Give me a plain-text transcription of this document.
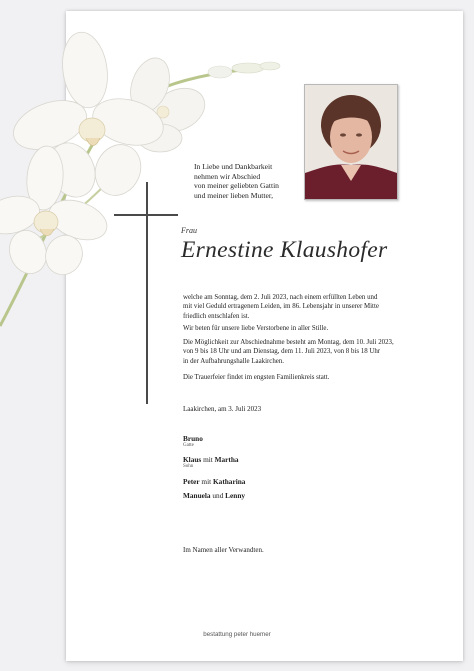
In Liebe und Dankbarkeit
nehmen wir Abschied
von meiner geliebten Gattin
und meiner lieben Mutter,
Frau
Ernestine Klaushofer
welche am Sonntag, dem 2. Juli 2023, nach einem erfüllten Leben und
mit viel Geduld ertragenem Leiden, im 86. Lebensjahr in unserer Mitte
friedlich entschlafen ist.
Wir beten für unsere liebe Verstorbene in aller Stille.
Die Möglichkeit zur Abschiednahme besteht am Montag, dem 10. Juli 2023,
von 9 bis 18 Uhr und am Dienstag, dem 11. Juli 2023, von 8 bis 18 Uhr
in der Aufbahrungshalle Laakirchen.
Die Trauerfeier findet im engsten Familienkreis statt.
Laakirchen, am 3. Juli 2023
Bruno
Gatte
Klaus mit Martha
Sohn
Peter mit Katharina
Manuela und Lenny
Im Namen aller Verwandten.
bestattung peter huemer
